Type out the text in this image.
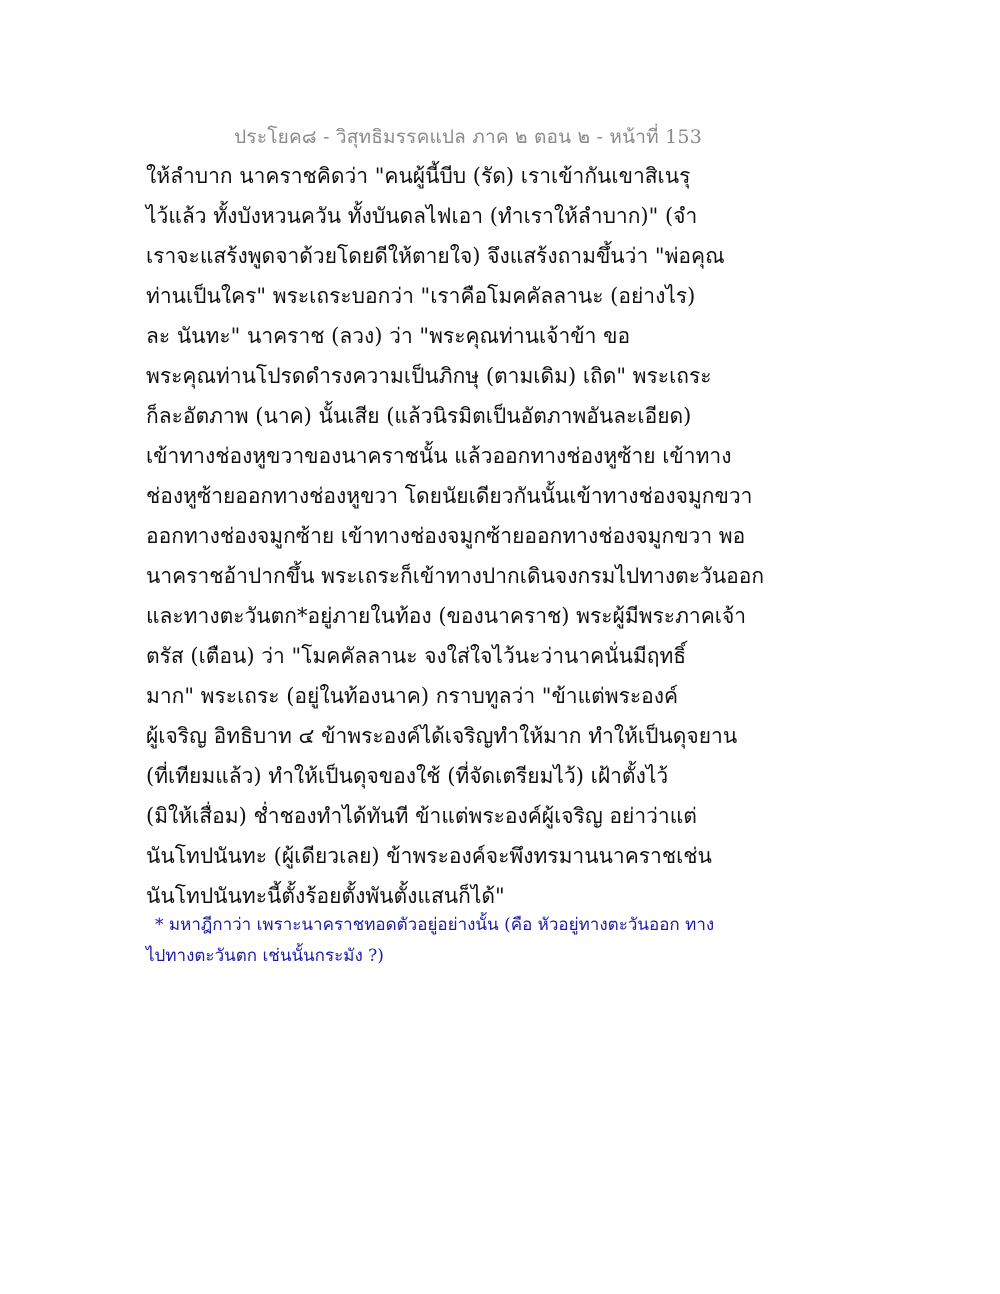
ประโยค๘ - วิสุทธิมรรคแปล ภาค ๒ ตอน ๒ - หน้าที่ 153
ให้ลำบาก นาคราชคิดว่า "คนผู้นี้บีบ (รัด) เราเข้ากันเขาสิเนรุ
ไว้แล้ว ทั้งบังหวนควัน ทั้งบันดลไฟเอา (ทำเราให้ลำบาก)" (จำ
เราจะแสร้งพูดจาด้วยโดยดีให้ตายใจ) จึงแสร้งถามขึ้นว่า "พ่อคุณ
ท่านเป็นใคร" พระเถระบอกว่า "เราคือโมคคัลลานะ (อย่างไร)
ละ นันทะ" นาคราช (ลวง) ว่า "พระคุณท่านเจ้าข้า ขอ
พระคุณท่านโปรดดำรงความเป็นภิกษุ (ตามเดิม) เถิด" พระเถระ
ก็ละอัตภาพ (นาค) นั้นเสีย (แล้วนิรมิตเป็นอัตภาพอันละเอียด)
เข้าทางช่องหูขวาของนาคราชนั้น แล้วออกทางช่องหูซ้าย เข้าทาง
ช่องหูซ้ายออกทางช่องหูขวา โดยนัยเดียวกันนั้นเข้าทางช่องจมูกขวา
ออกทางช่องจมูกซ้าย เข้าทางช่องจมูกซ้ายออกทางช่องจมูกขวา พอ
นาคราชอ้าปากขึ้น พระเถระก็เข้าทางปากเดินจงกรมไปทางตะวันออก
และทางตะวันตก*อยู่ภายในท้อง (ของนาคราช) พระผู้มีพระภาคเจ้า
ตรัส (เตือน) ว่า "โมคคัลลานะ จงใส่ใจไว้นะว่านาคนั่นมีฤทธิ์
มาก" พระเถระ (อยู่ในท้องนาค) กราบทูลว่า "ข้าแต่พระองค์
ผู้เจริญ อิทธิบาท ๔ ข้าพระองค์ได้เจริญทำให้มาก ทำให้เป็นดุจยาน
(ที่เทียมแล้ว) ทำให้เป็นดุจของใช้ (ที่จัดเตรียมไว้) เฝ้าตั้งไว้
(มิให้เสื่อม) ช่ำชองทำได้ทันที ข้าแต่พระองค์ผู้เจริญ อย่าว่าแต่
นันโทปนันทะ (ผู้เดียวเลย) ข้าพระองค์จะพึงทรมานนาคราชเช่น
นันโทปนันทะนี้ตั้งร้อยตั้งพันตั้งแสนก็ได้"
* มหาฎีกาว่า เพราะนาคราชทอดตัวอยู่อย่างนั้น (คือ หัวอยู่ทางตะวันออก ทาง
ไปทางตะวันตก เช่นนั้นกระมัง ?)
